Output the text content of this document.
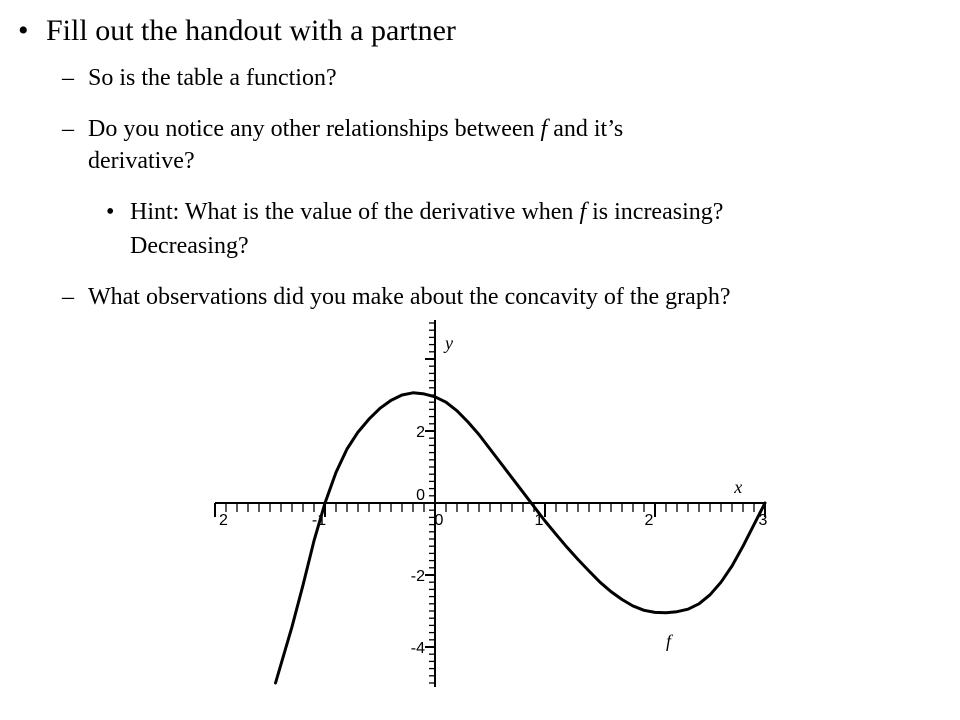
• Fill out the handout with a partner
– So is the table a function?
– Do you notice any other relationships between f and it’s
derivative?
• Hint: What is the value of the derivative when f is increasing?
Decreasing?
– What observations did you make about the concavity of the graph?
2	-1	0	1	2	3
2
0
-2
-4
x
y
f
